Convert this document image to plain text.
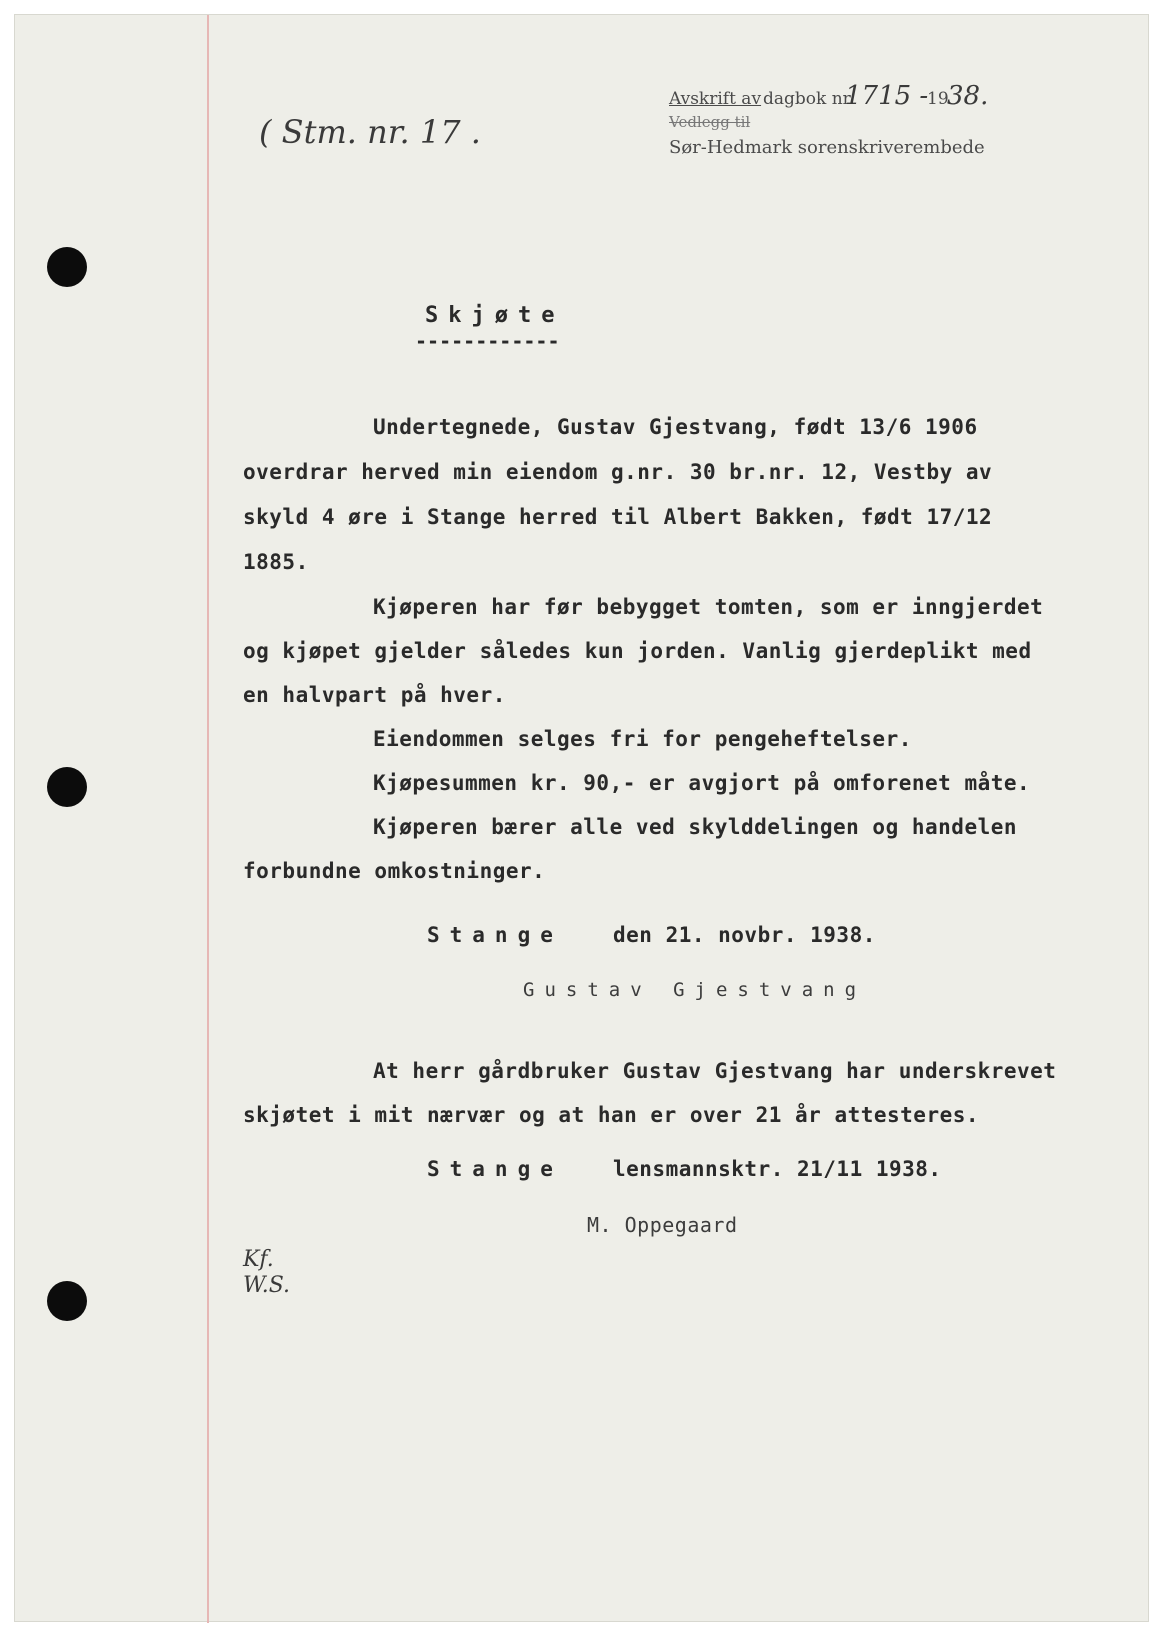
( Stm. nr. 17 .
Avskrift av dagbok nr.
1715 -
19
38.
Vedlegg til
Sør-Hedmark sorenskriverembede
Skjøte
------------
Undertegnede, Gustav Gjestvang, født 13/6 1906
overdrar herved min eiendom g.nr. 30 br.nr. 12, Vestby av
skyld 4 øre i Stange herred til Albert Bakken, født 17/12
1885.
Kjøperen har før bebygget tomten, som er inngjerdet
og kjøpet gjelder således kun jorden. Vanlig gjerdeplikt med
en halvpart på hver.
Eiendommen selges fri for pengeheftelser.
Kjøpesummen kr. 90,- er avgjort på omforenet måte.
Kjøperen bærer alle ved skylddelingen og handelen
forbundne omkostninger.
Stange den 21. novbr. 1938.
Gustav Gjestvang
At herr gårdbruker Gustav Gjestvang har underskrevet
skjøtet i mit nærvær og at han er over 21 år attesteres.
Stange lensmannsktr. 21/11 1938.
M. Oppegaard
Kf. W.S.
